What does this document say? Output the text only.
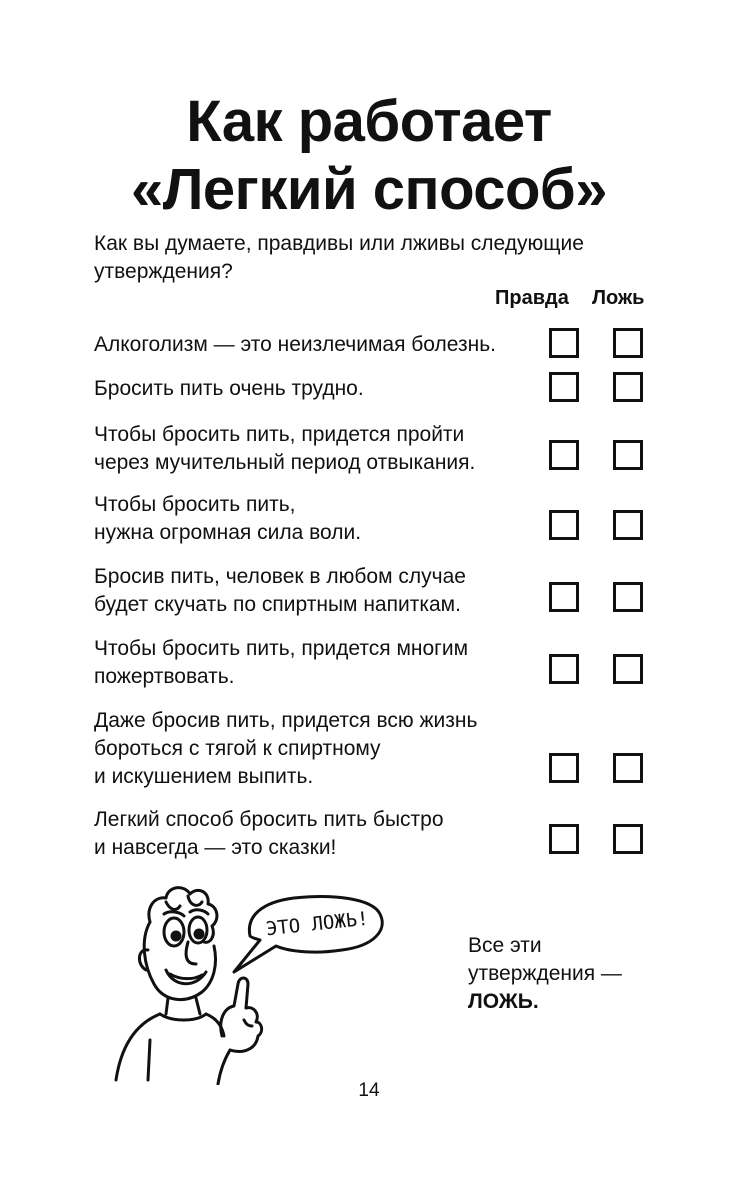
Как работает
«Легкий способ»

Как вы думаете, правдивы или лживы следующие утверждения?

Правда Ложь

Алкоголизм — это неизлечимая болезнь.

Бросить пить очень трудно.

Чтобы бросить пить, придется пройти
через мучительный период отвыкания.

Чтобы бросить пить,
нужна огромная сила воли.

Бросив пить, человек в любом случае
будет скучать по спиртным напиткам.

Чтобы бросить пить, придется многим
пожертвовать.

Даже бросив пить, придется всю жизнь
бороться с тягой к спиртному
и искушением выпить.

Легкий способ бросить пить быстро
и навсегда — это сказки!

ЭТО ЛОЖЬ!

Все эти
утверждения —
ЛОЖЬ.

14
